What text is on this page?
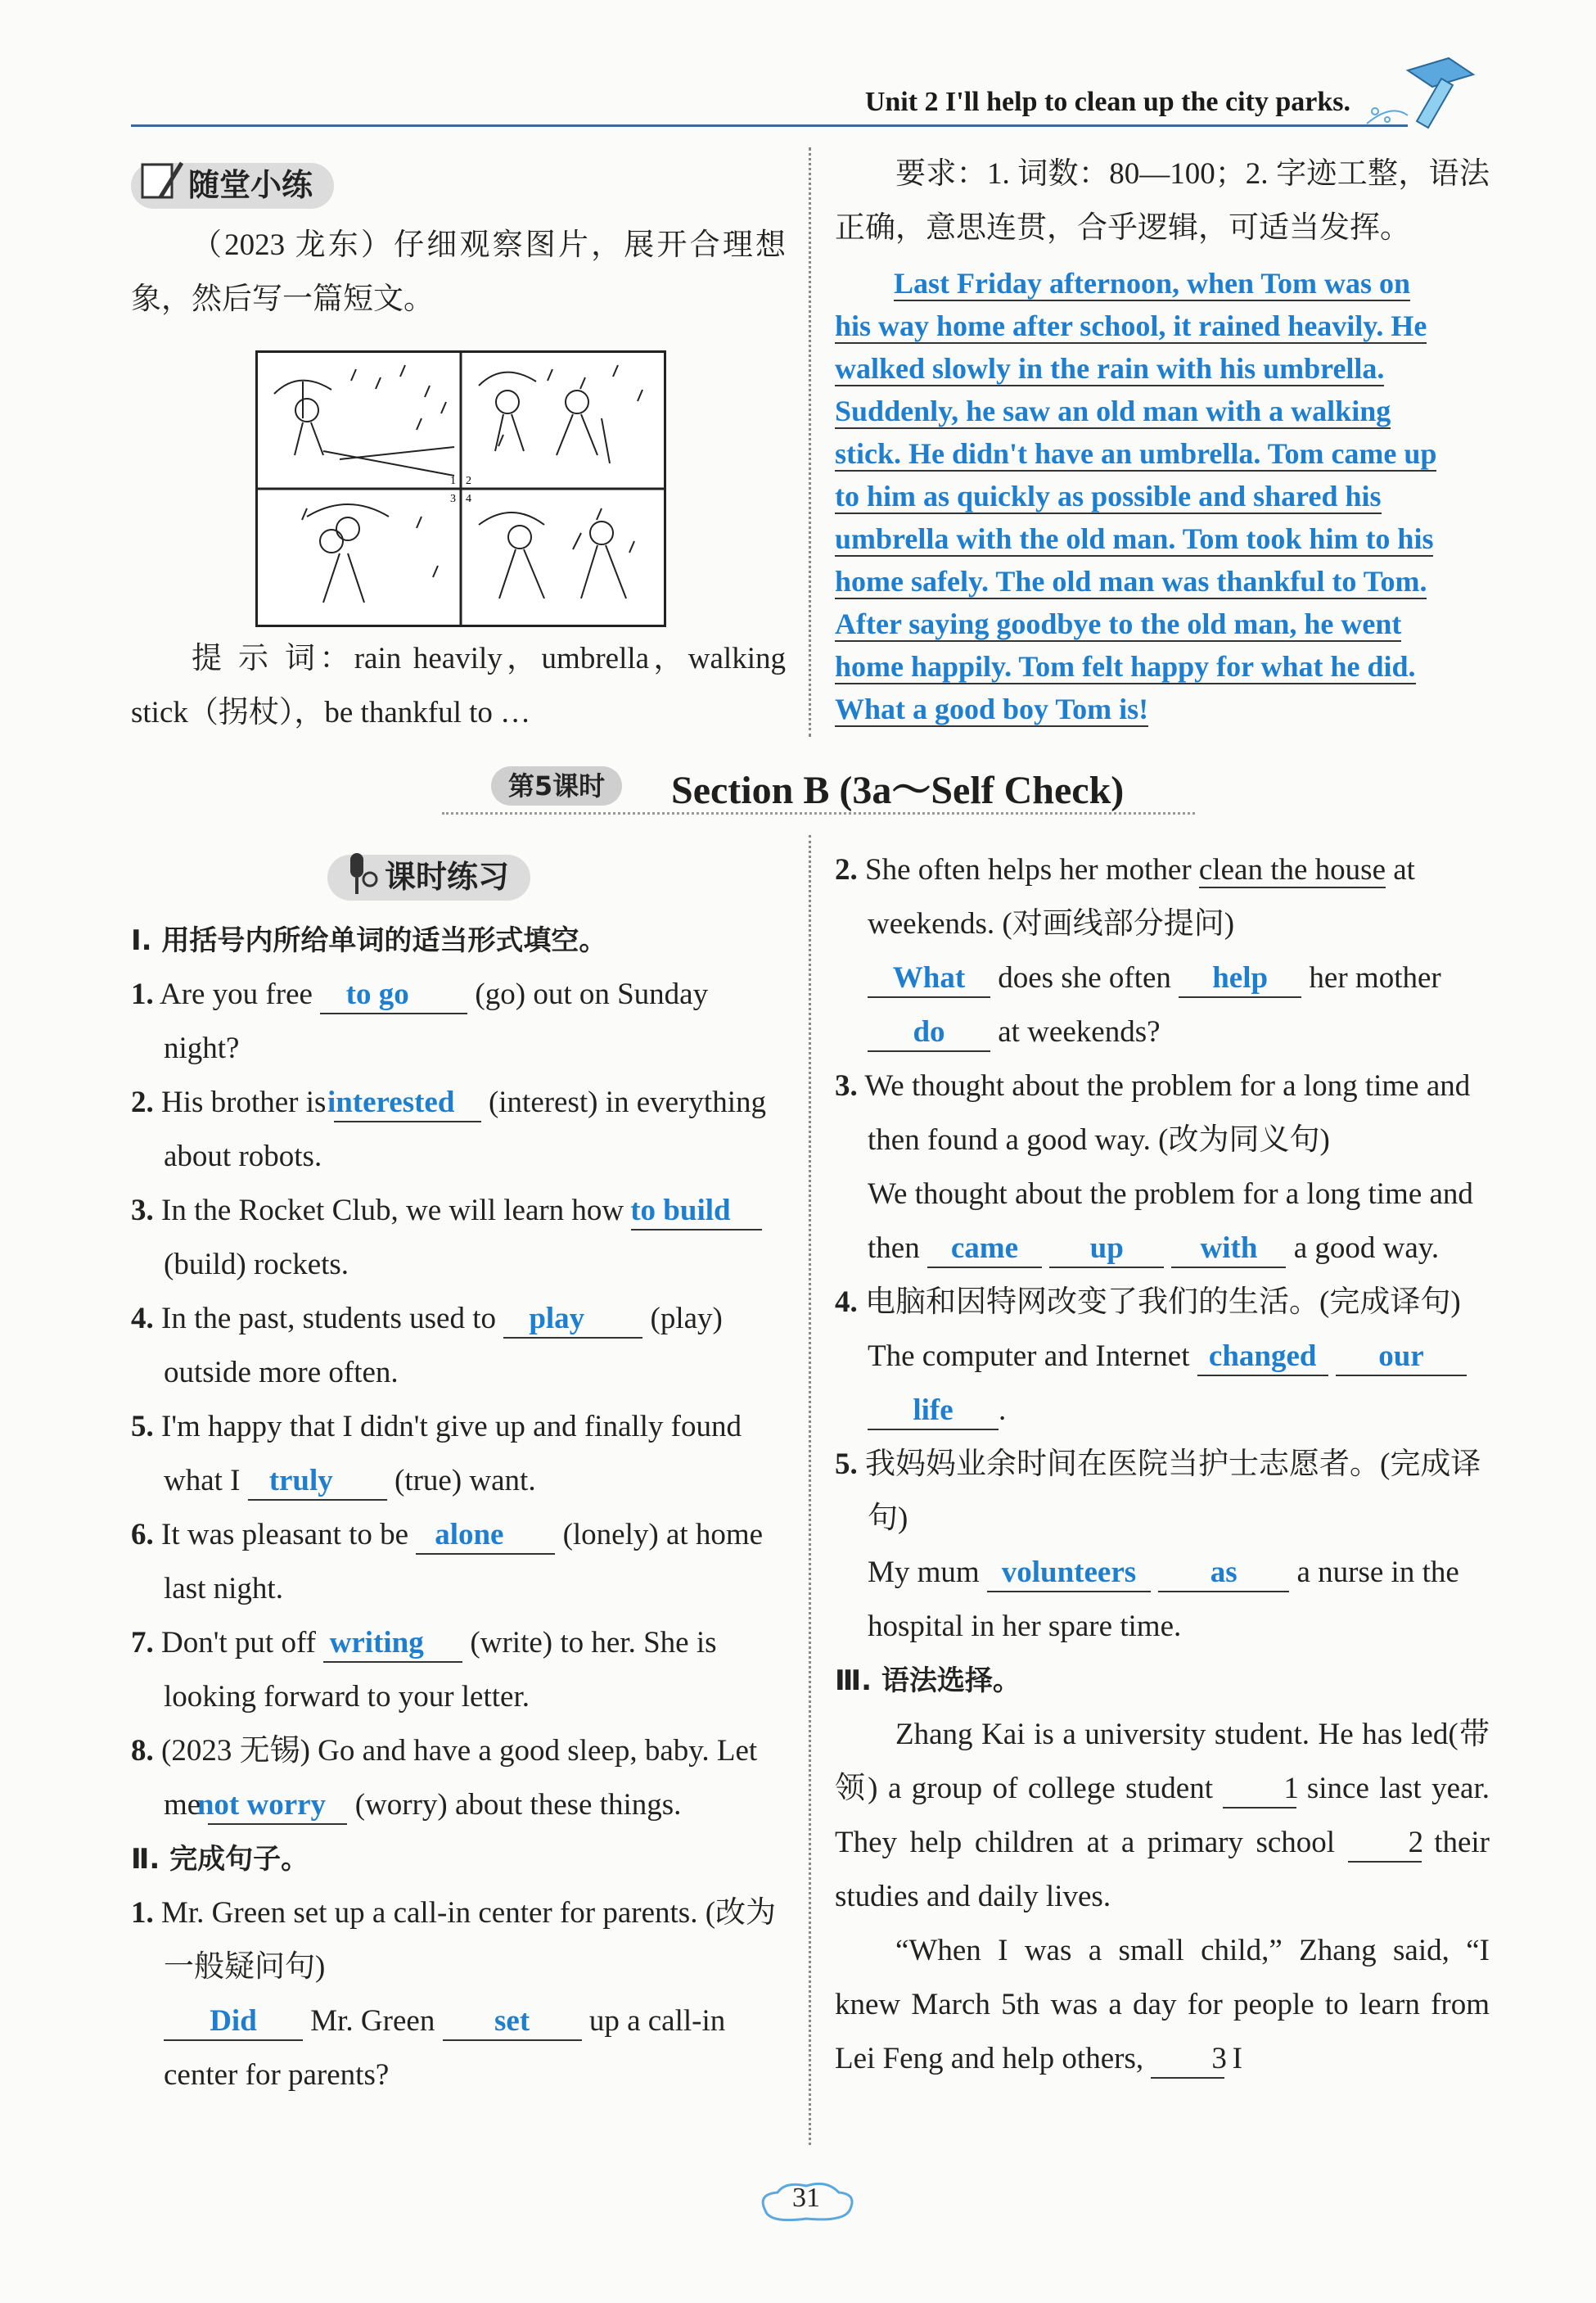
Unit 2 I'll help to clean up the city parks.
随堂小练
（2023 龙东）仔细观察图片，展开合理想象，然后写一篇短文。
1 2
3 4
提 示 词：rain heavily，umbrella，walking stick（拐杖），be thankful to …
要求：1. 词数：80—100；2. 字迹工整，语法正确，意思连贯，合乎逻辑，可适当发挥。
Last Friday afternoon, when Tom was on
his way home after school, it rained heavily. He
walked slowly in the rain with his umbrella.
Suddenly, he saw an old man with a walking
stick. He didn't have an umbrella. Tom came up
to him as quickly as possible and shared his
umbrella with the old man. Tom took him to his
home safely. The old man was thankful to Tom.
After saying goodbye to the old man, he went
home happily. Tom felt happy for what he did.
What a good boy Tom is!
第5课时	Section B (3a～Self Check)
课时练习
Ⅰ. 用括号内所给单词的适当形式填空。
1. Are you free to go (go) out on Sunday night?
2. His brother is interested (interest) in everything about robots.
3. In the Rocket Club, we will learn how to build (build) rockets.
4. In the past, students used to play (play) outside more often.
5. I'm happy that I didn't give up and finally found what I truly (true) want.
6. It was pleasant to be alone (lonely) at home last night.
7. Don't put off writing (write) to her. She is looking forward to your letter.
8. (2023 无锡) Go and have a good sleep, baby. Let me not worry (worry) about these things.
Ⅱ. 完成句子。
1. Mr. Green set up a call-in center for parents. (改为一般疑问句)
Did Mr. Green set up a call-in center for parents?
2. She often helps her mother clean the house at weekends. (对画线部分提问)
What does she often help her mother
do at weekends?
3. We thought about the problem for a long time and then found a good way. (改为同义句)
We thought about the problem for a long time and then came up	with a good way.
4. 电脑和因特网改变了我们的生活。(完成译句)
The computer and Internet changed our
life .
5. 我妈妈业余时间在医院当护士志愿者。(完成译句)
My mum volunteers as a nurse in the hospital in her spare time.
Ⅲ. 语法选择。
Zhang Kai is a university student. He has led(带领) a group of college student 1 since last year. They help children at a primary school 2 their studies and daily lives.
“When I was a small child,” Zhang said, “I knew March 5th was a day for people to learn from Lei Feng and help others, 3 I
31
